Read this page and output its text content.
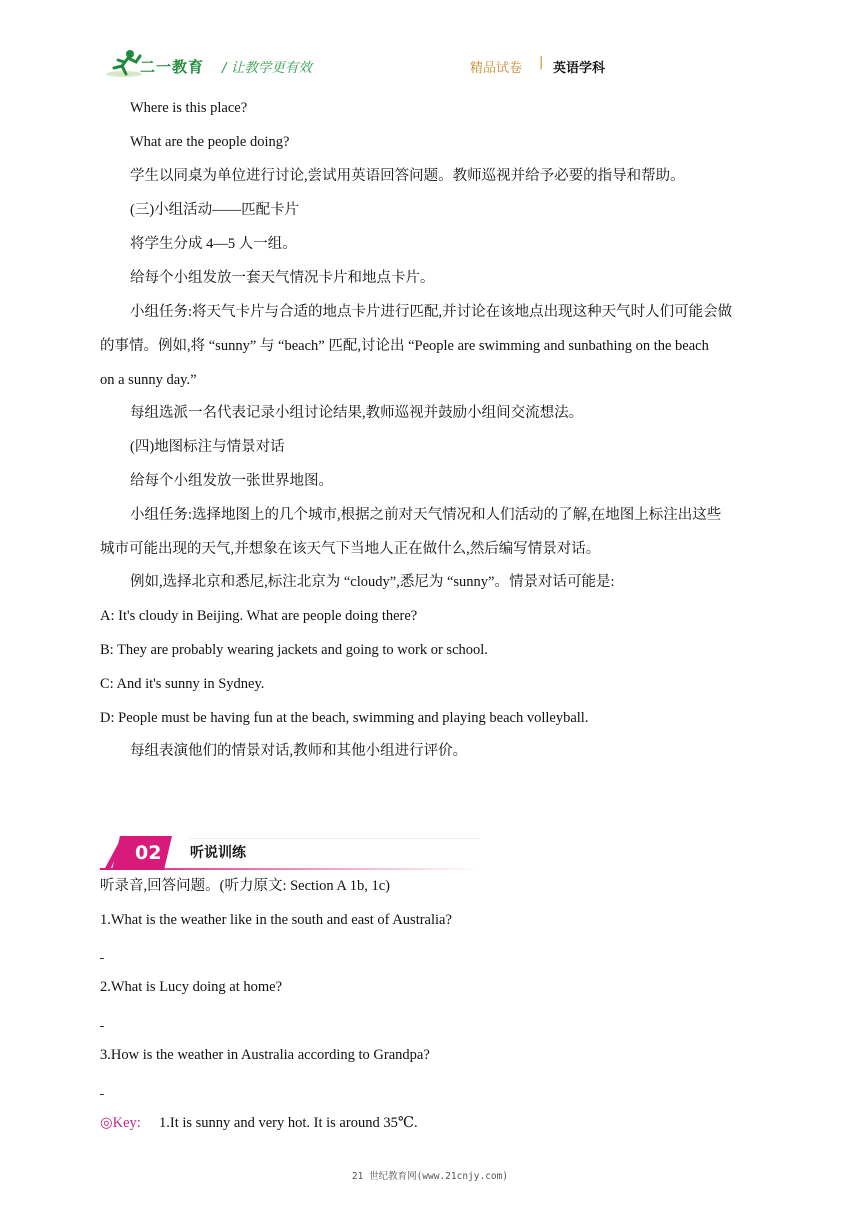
二一教育 / 让教学更有效	精品试卷 | 英语学科
Where is this place?
What are the people doing?
学生以同桌为单位进行讨论,尝试用英语回答问题。教师巡视并给予必要的指导和帮助。
(三)小组活动——匹配卡片
将学生分成 4—5 人一组。
给每个小组发放一套天气情况卡片和地点卡片。
小组任务:将天气卡片与合适的地点卡片进行匹配,并讨论在该地点出现这种天气时人们可能会做
的事情。例如,将 “sunny” 与 “beach” 匹配,讨论出 “People are swimming and sunbathing on the beach
on a sunny day.”
每组选派一名代表记录小组讨论结果,教师巡视并鼓励小组间交流想法。
(四)地图标注与情景对话
给每个小组发放一张世界地图。
小组任务:选择地图上的几个城市,根据之前对天气情况和人们活动的了解,在地图上标注出这些
城市可能出现的天气,并想象在该天气下当地人正在做什么,然后编写情景对话。
例如,选择北京和悉尼,标注北京为 “cloudy”,悉尼为 “sunny”。情景对话可能是:
A: It's cloudy in Beijing. What are people doing there?
B: They are probably wearing jackets and going to work or school.
C: And it's sunny in Sydney.
D: People must be having fun at the beach, swimming and playing beach volleyball.
每组表演他们的情景对话,教师和其他小组进行评价。
02 听说训练
听录音,回答问题。(听力原文: Section A 1b, 1c)
1.What is the weather like in the south and east of Australia?
2.What is Lucy doing at home?
3.How is the weather in Australia according to Grandpa?
◎Key: 1.It is sunny and very hot. It is around 35℃.
21 世纪教育网(www.21cnjy.com)
